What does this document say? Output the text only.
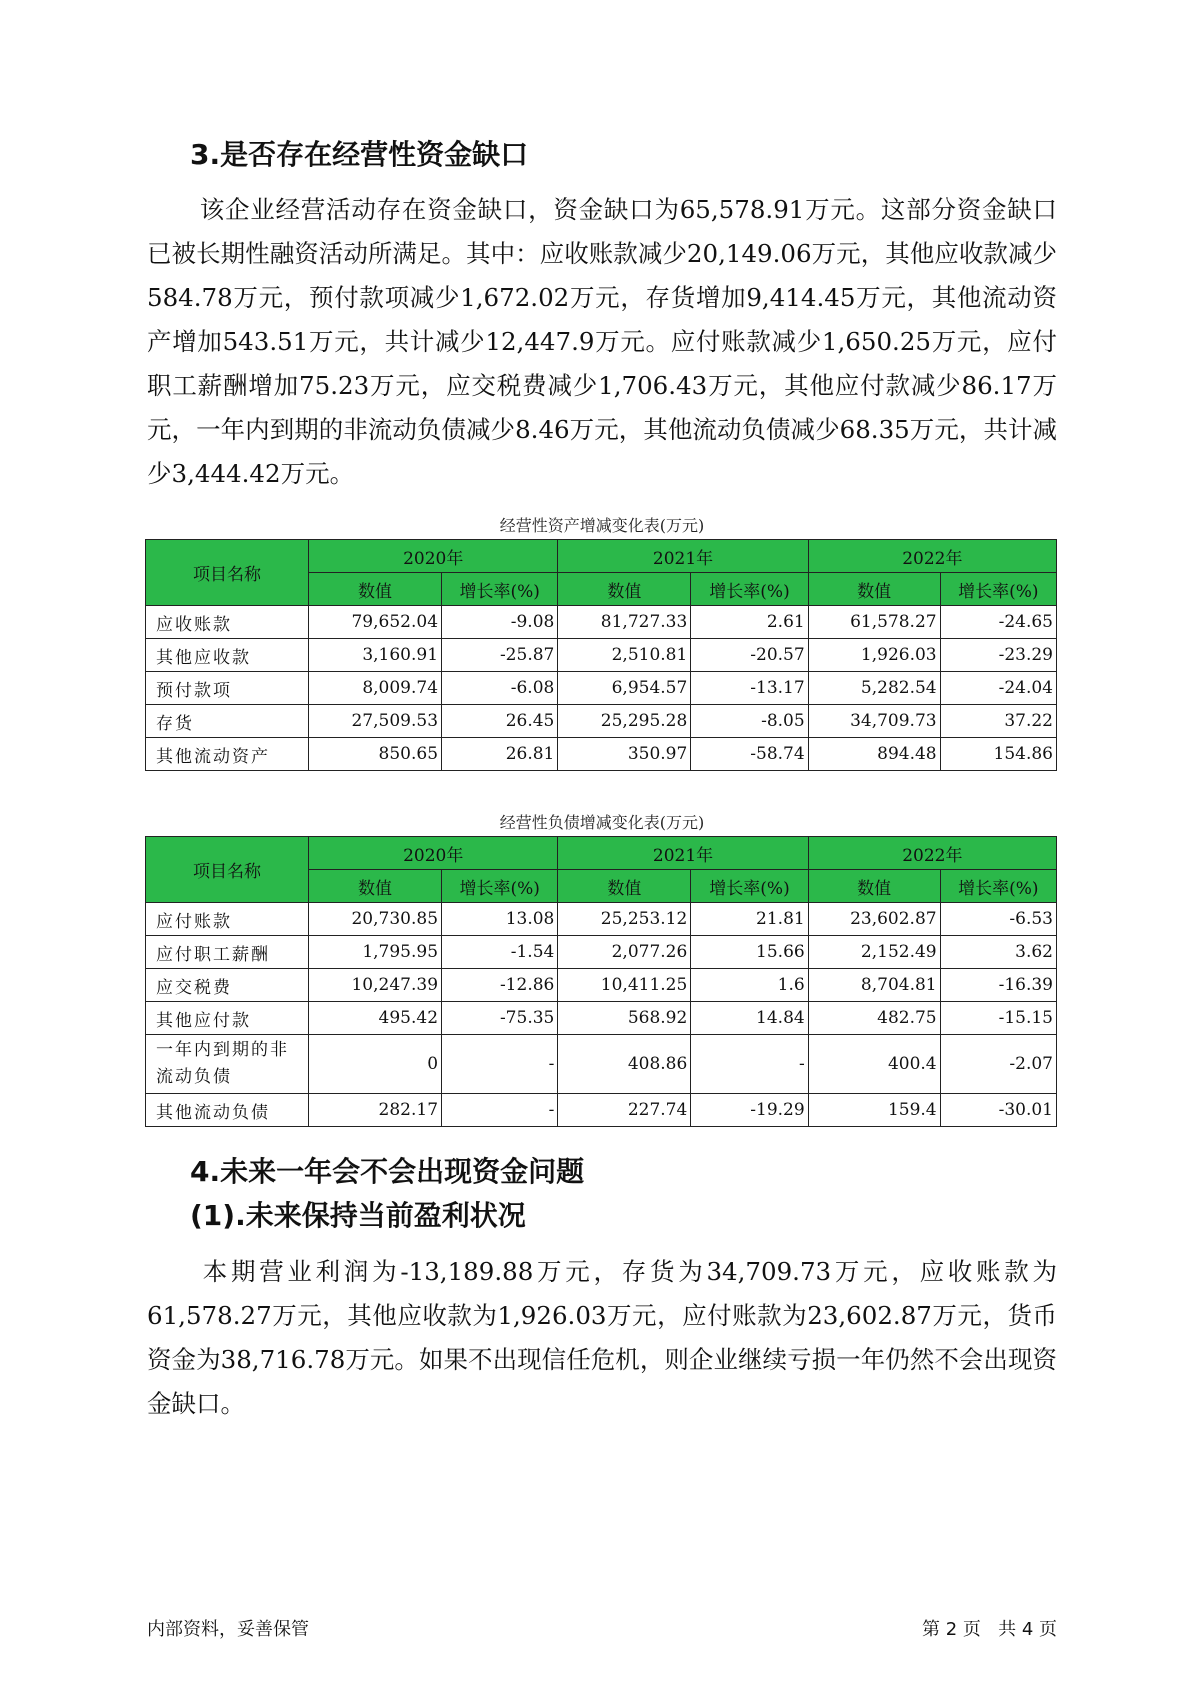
3.是否存在经营性资金缺口

该企业经营活动存在资金缺口，资金缺口为65,578.91万元。这部分资金缺口已被长期性融资活动所满足。其中：应收账款减少20,149.06万元，其他应收款减少584.78万元，预付款项减少1,672.02万元，存货增加9,414.45万元，其他流动资产增加543.51万元，共计减少12,447.9万元。应付账款减少1,650.25万元，应付职工薪酬增加75.23万元，应交税费减少1,706.43万元，其他应付款减少86.17万元，一年内到期的非流动负债减少8.46万元，其他流动负债减少68.35万元，共计减少3,444.42万元。

经营性资产增减变化表(万元)

项目名称	2020年		2021年		2022年	
	数值	增长率(%)	数值	增长率(%)	数值	增长率(%)
应收账款	79,652.04	-9.08	81,727.33	2.61	61,578.27	-24.65
其他应收款	3,160.91	-25.87	2,510.81	-20.57	1,926.03	-23.29
预付款项	8,009.74	-6.08	6,954.57	-13.17	5,282.54	-24.04
存货	27,509.53	26.45	25,295.28	-8.05	34,709.73	37.22
其他流动资产	850.65	26.81	350.97	-58.74	894.48	154.86

经营性负债增减变化表(万元)

项目名称	2020年		2021年		2022年	
	数值	增长率(%)	数值	增长率(%)	数值	增长率(%)
应付账款	20,730.85	13.08	25,253.12	21.81	23,602.87	-6.53
应付职工薪酬	1,795.95	-1.54	2,077.26	15.66	2,152.49	3.62
应交税费	10,247.39	-12.86	10,411.25	1.6	8,704.81	-16.39
其他应付款	495.42	-75.35	568.92	14.84	482.75	-15.15
一年内到期的非流动负债	0	-	408.86	-	400.4	-2.07
其他流动负债	282.17	-	227.74	-19.29	159.4	-30.01
4.未来一年会不会出现资金问题
(1).未来保持当前盈利状况

本期营业利润为-13,189.88万元，存货为34,709.73万元，应收账款为61,578.27万元，其他应收款为1,926.03万元，应付账款为23,602.87万元，货币资金为38,716.78万元。如果不出现信任危机，则企业继续亏损一年仍然不会出现资金缺口。

内部资料，妥善保管	第 2 页   共 4 页
